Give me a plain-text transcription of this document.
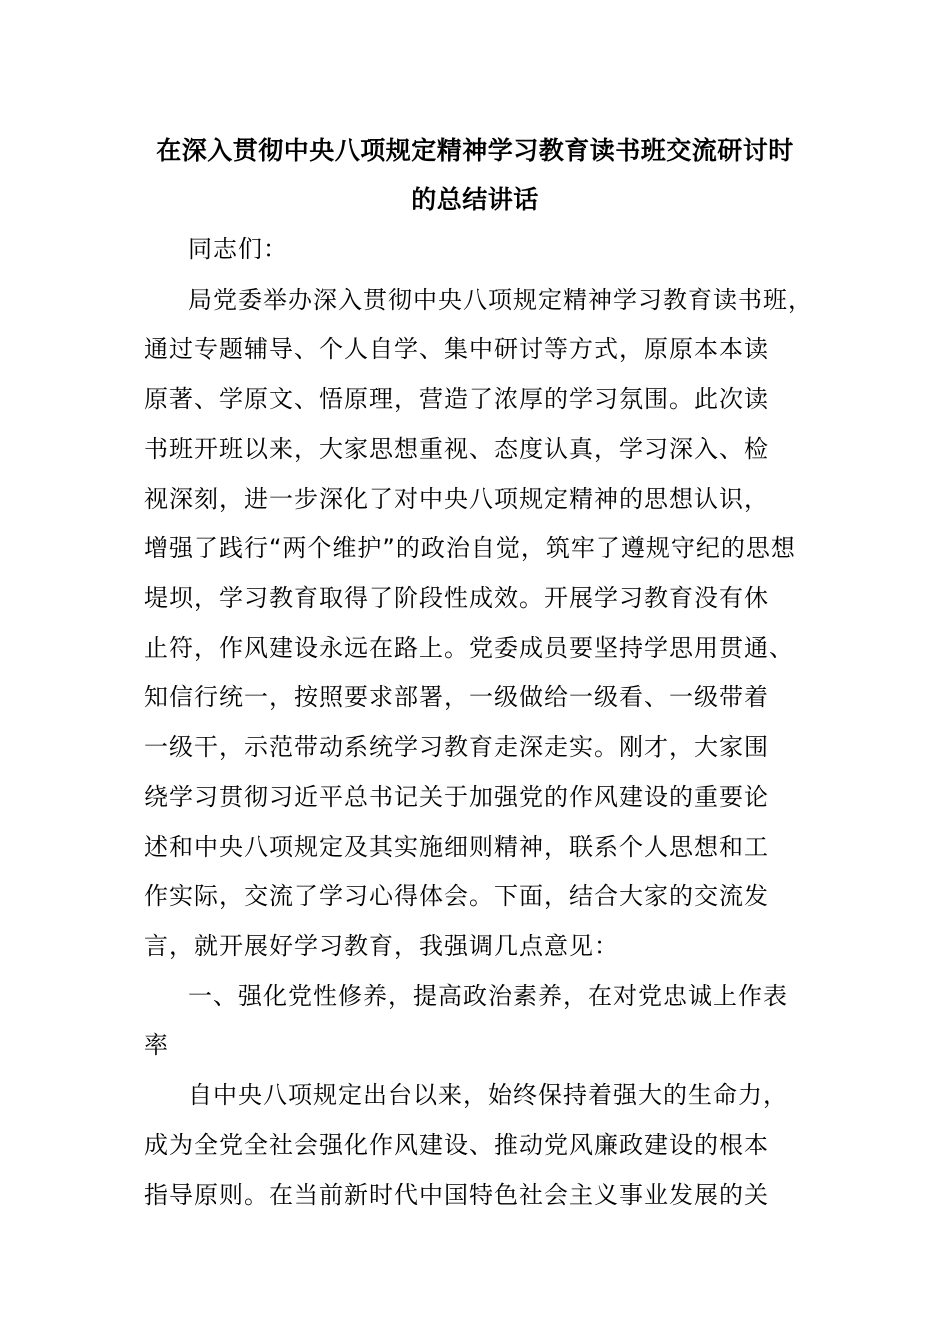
在深入贯彻中央八项规定精神学习教育读书班交流研讨时
的总结讲话
同志们：
局党委举办深入贯彻中央八项规定精神学习教育读书班，
通过专题辅导、个人自学、集中研讨等方式，原原本本读
原著、学原文、悟原理，营造了浓厚的学习氛围。此次读
书班开班以来，大家思想重视、态度认真，学习深入、检
视深刻，进一步深化了对中央八项规定精神的思想认识，
增强了践行“两个维护”的政治自觉，筑牢了遵规守纪的思想
堤坝，学习教育取得了阶段性成效。开展学习教育没有休
止符，作风建设永远在路上。党委成员要坚持学思用贯通、
知信行统一，按照要求部署，一级做给一级看、一级带着
一级干，示范带动系统学习教育走深走实。刚才，大家围
绕学习贯彻习近平总书记关于加强党的作风建设的重要论
述和中央八项规定及其实施细则精神，联系个人思想和工
作实际，交流了学习心得体会。下面，结合大家的交流发
言，就开展好学习教育，我强调几点意见：
一、强化党性修养，提高政治素养，在对党忠诚上作表
率
自中央八项规定出台以来，始终保持着强大的生命力，
成为全党全社会强化作风建设、推动党风廉政建设的根本
指导原则。在当前新时代中国特色社会主义事业发展的关
